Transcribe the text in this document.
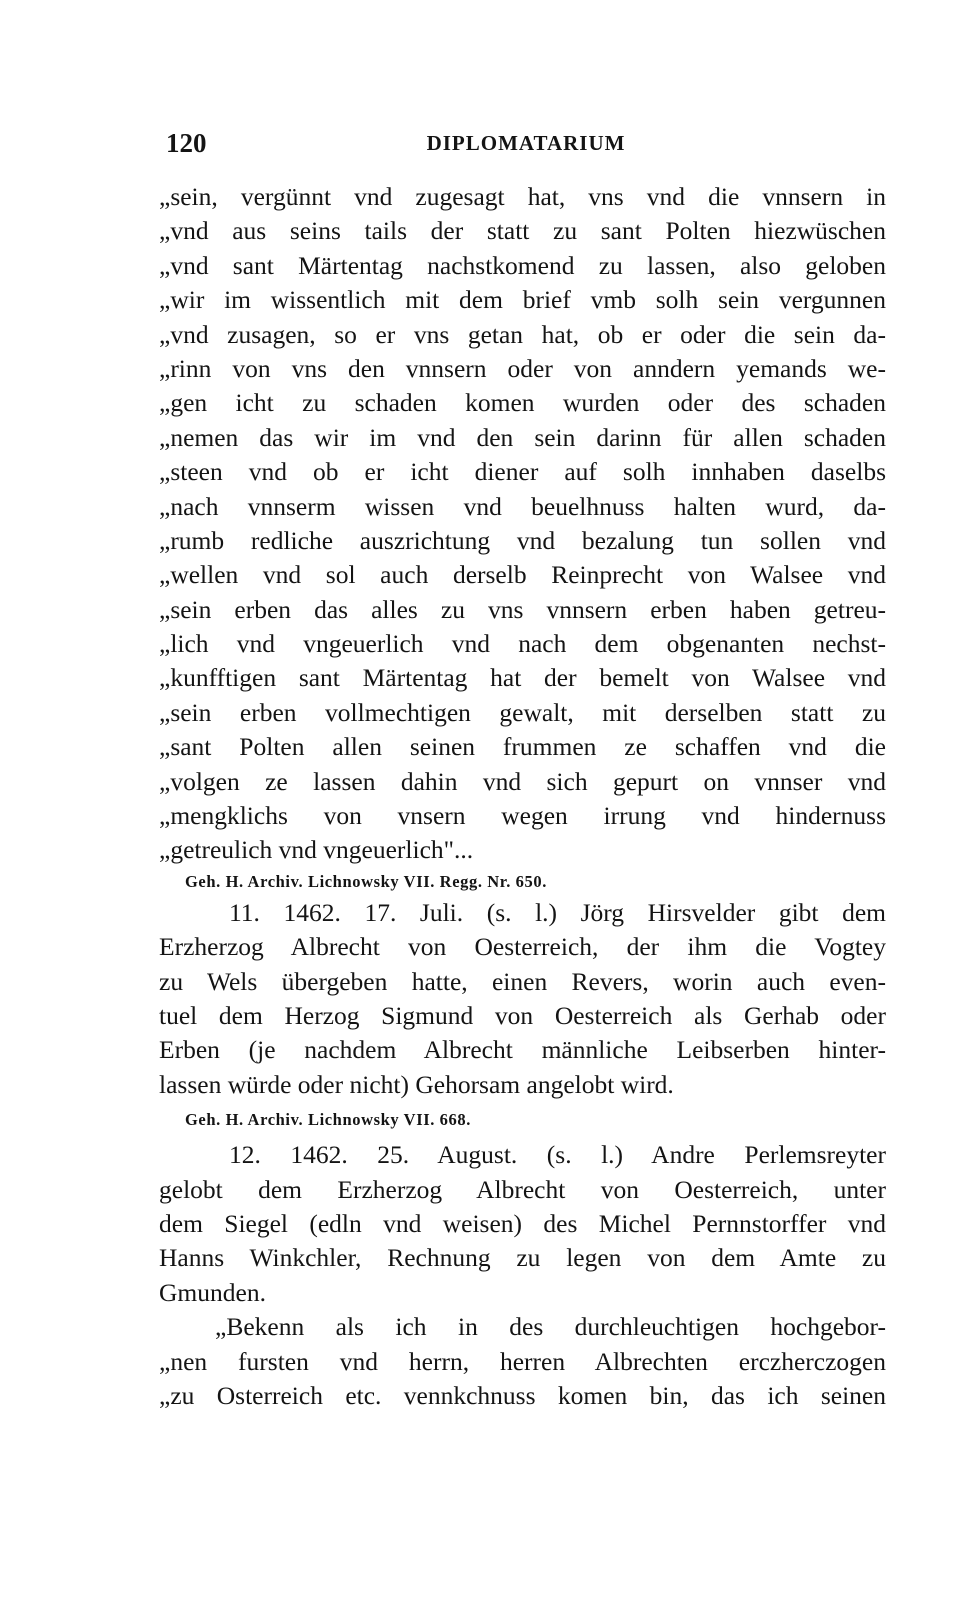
120	DIPLOMATARIUM
„sein, vergünnt vnd zugesagt hat, vns vnd die vnnsern in
„vnd aus seins tails der statt zu sant Polten hiezwüschen
„vnd sant Märtentag nachstkomend zu lassen, also geloben
„wir im wissentlich mit dem brief vmb solh sein vergunnen
„vnd zusagen, so er vns getan hat, ob er oder die sein da-
„rinn von vns den vnnsern oder von anndern yemands we-
„gen icht zu schaden komen wurden oder des schaden
„nemen das wir im vnd den sein darinn für allen schaden
„steen vnd ob er icht diener auf solh innhaben daselbs
„nach vnnserm wissen vnd beuelhnuss halten wurd, da-
„rumb redliche auszrichtung vnd bezalung tun sollen vnd
„wellen vnd sol auch derselb Reinprecht von Walsee vnd
„sein erben das alles zu vns vnnsern erben haben getreu-
„lich vnd vngeuerlich vnd nach dem obgenanten nechst-
„kunfftigen sant Märtentag hat der bemelt von Walsee vnd
„sein erben vollmechtigen gewalt, mit derselben statt zu
„sant Polten allen seinen frummen ze schaffen vnd die
„volgen ze lassen dahin vnd sich gepurt on vnnser vnd
„mengklichs von vnsern wegen irrung vnd hindernuss
„getreulich vnd vngeuerlich"...
Geh. H. Archiv. Lichnowsky VII. Regg. Nr. 650.
11. 1462. 17. Juli. (s. l.) Jörg Hirsvelder gibt dem
Erzherzog Albrecht von Oesterreich, der ihm die Vogtey
zu Wels übergeben hatte, einen Revers, worin auch even-
tuel dem Herzog Sigmund von Oesterreich als Gerhab oder
Erben (je nachdem Albrecht männliche Leibserben hinter-
lassen würde oder nicht) Gehorsam angelobt wird.
Geh. H. Archiv. Lichnowsky VII. 668.
12. 1462. 25. August. (s. l.) Andre Perlemsreyter
gelobt dem Erzherzog Albrecht von Oesterreich, unter
dem Siegel (edln vnd weisen) des Michel Pernnstorffer vnd
Hanns Winkchler, Rechnung zu legen von dem Amte zu
Gmunden.
„Bekenn als ich in des durchleuchtigen hochgebor-
„nen fursten vnd herrn, herren Albrechten erczherczogen
„zu Osterreich etc. vennkchnuss komen bin, das ich seinen
